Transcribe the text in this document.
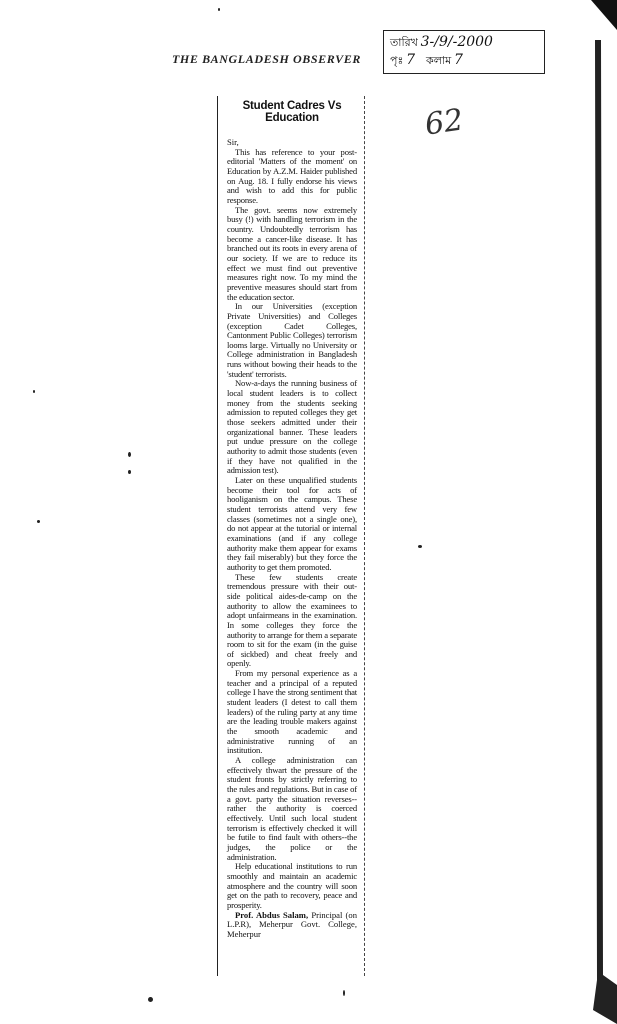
THE BANGLADESH OBSERVER
তারিখ 3-/9/-2000
পৃঃ 7 কলাম 7
62
Student Cadres Vs Education

Sir,

This has reference to your post-editorial 'Matters of the moment' on Education by A.Z.M. Haider published on Aug. 18. I fully endorse his views and wish to add this for public response.

The govt. seems now extremely busy (!) with handling terrorism in the country. Undoubtedly terrorism has become a cancer-like disease. It has branched out its roots in every arena of our society. If we are to reduce its effect we must find out preventive measures right now. To my mind the preventive measures should start from the education sector.

In our Universities (exception Private Universities) and Colleges (exception Cadet Colleges, Cantonment Public Colleges) terrorism looms large. Virtually no University or College administration in Bangladesh runs without bowing their heads to the 'student' terrorists.

Now-a-days the running business of local student leaders is to collect money from the students seeking admission to reputed colleges they get those seekers admitted under their organizational banner. These leaders put undue pressure on the college authority to admit those students (even if they have not qualified in the admission test).

Later on these unqualified students become their tool for acts of hooliganism on the campus. These student terrorists attend very few classes (sometimes not a single one), do not appear at the tutorial or internal examinations (and if any college authority make them appear for exams they fail miserably) but they force the authority to get them promoted.

These few students create tremendous pressure with their out-side political aides-de-camp on the authority to allow the examinees to adopt unfairmeans in the examination. In some colleges they force the authority to arrange for them a separate room to sit for the exam (in the guise of sickbed) and cheat freely and openly.

From my personal experience as a teacher and a principal of a reputed college I have the strong sentiment that student leaders (I detest to call them leaders) of the ruling party at any time are the leading trouble makers against the smooth academic and administrative running of an institution.

A college administration can effectively thwart the pressure of the student fronts by strictly referring to the rules and regulations. But in case of a govt. party the situation reverses--rather the authority is coerced effectively. Until such local student terrorism is effectively checked it will be futile to find fault with others--the judges, the police or the administration.

Help educational institutions to run smoothly and maintain an academic atmosphere and the country will soon get on the path to recovery, peace and prosperity.

Prof. Abdus Salam, Principal (on L.P.R), Meherpur Govt. College, Meherpur
